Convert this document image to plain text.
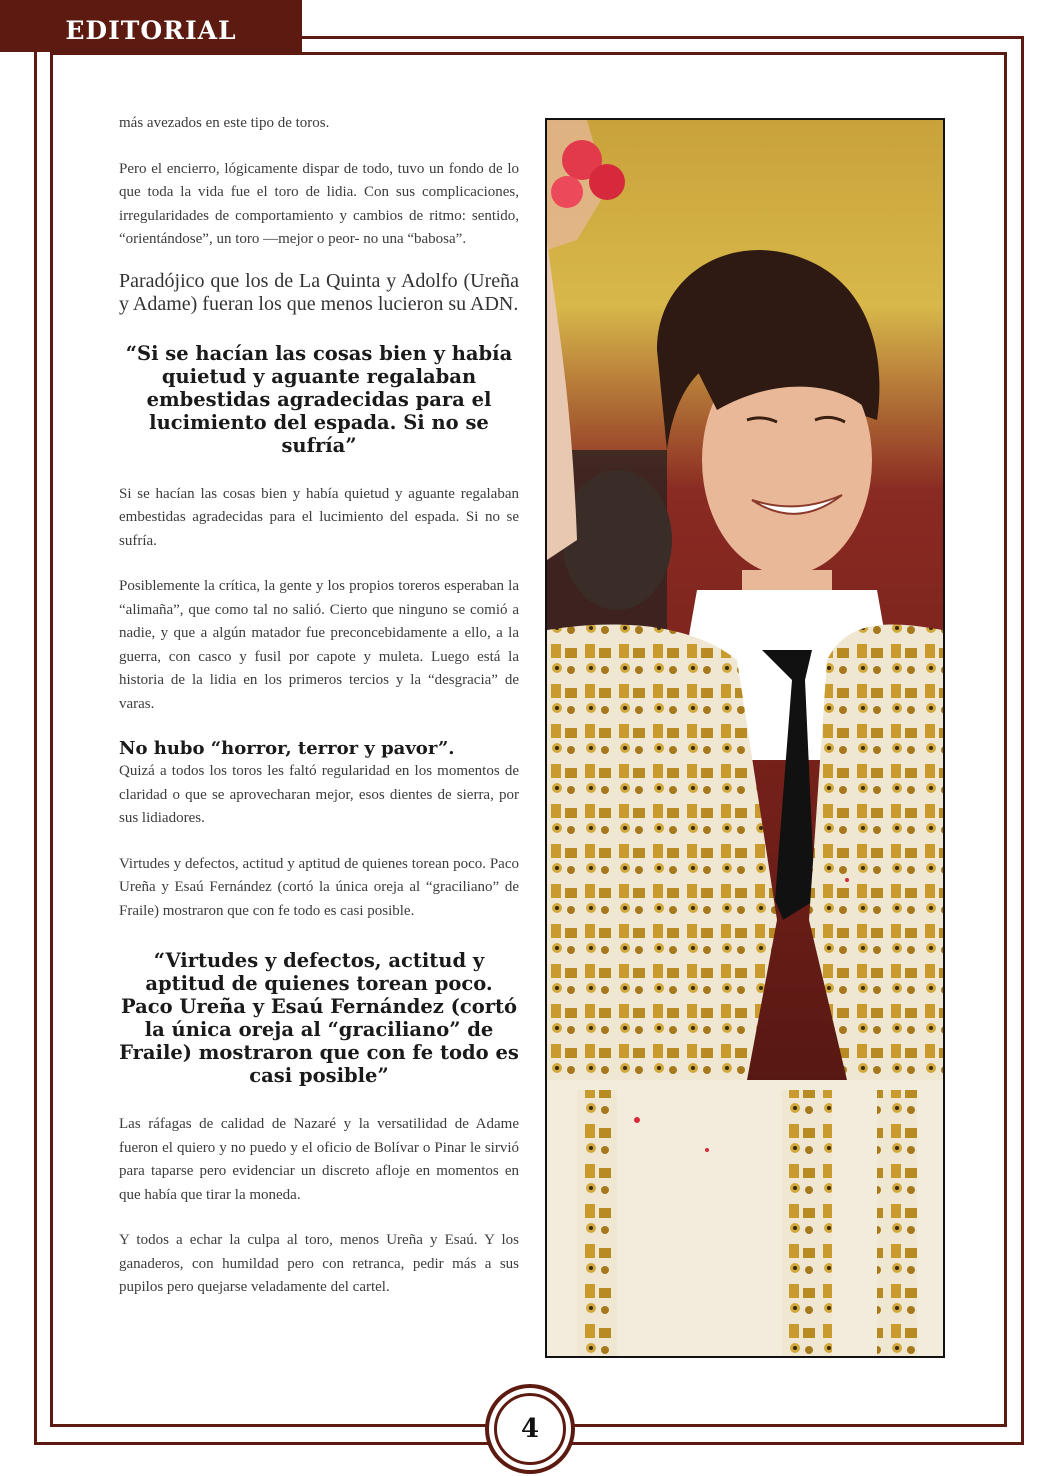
EDITORIAL

más avezados en este tipo de toros.

Pero el encierro, lógicamente dispar de todo, tuvo un fondo de lo que toda la vida fue el toro de lidia. Con sus complicaciones, irregularidades de comportamiento y cambios de ritmo: sentido, “orientándose”, un toro —mejor o peor- no una “babosa”.

Paradójico que los de La Quinta y Adolfo (Ureña y Adame) fueran los que menos lucieron su ADN.

“Si se hacían las cosas bien y había quietud y aguante regalaban embestidas agradecidas para el lucimiento del espada. Si no se sufría”

Si se hacían las cosas bien y había quietud y aguante regalaban embestidas agradecidas para el lucimiento del espada. Si no se sufría.

Posiblemente la crítica, la gente y los propios toreros esperaban la “alimaña”, que como tal no salió. Cierto que ninguno se comió a nadie, y que a algún matador fue preconcebidamente a ello, a la guerra, con casco y fusil por capote y muleta. Luego está la historia de la lidia en los primeros tercios y la “desgracia” de varas.

No hubo “horror, terror y pavor”.

Quizá a todos los toros les faltó regularidad en los momentos de claridad o que se aprovecharan mejor, esos dientes de sierra, por sus lidiadores.

Virtudes y defectos, actitud y aptitud de quienes torean poco. Paco Ureña y Esaú Fernández (cortó la única oreja al “graciliano” de Fraile) mostraron que con fe todo es casi posible.

“Virtudes y defectos, actitud y aptitud de quienes torean poco. Paco Ureña y Esaú Fernández (cortó la única oreja al “graciliano” de Fraile) mostraron que con fe todo es casi posible”

Las ráfagas de calidad de Nazaré y la versatilidad de Adame fueron el quiero y no puedo y el oficio de Bolívar o Pinar le sirvió para taparse pero evidenciar un discreto afloje en momentos en que había que tirar la moneda.

Y todos a echar la culpa al toro, menos Ureña y Esaú. Y los ganaderos, con humildad pero con retranca, pedir más a sus pupilos pero quejarse veladamente del cartel.

4
